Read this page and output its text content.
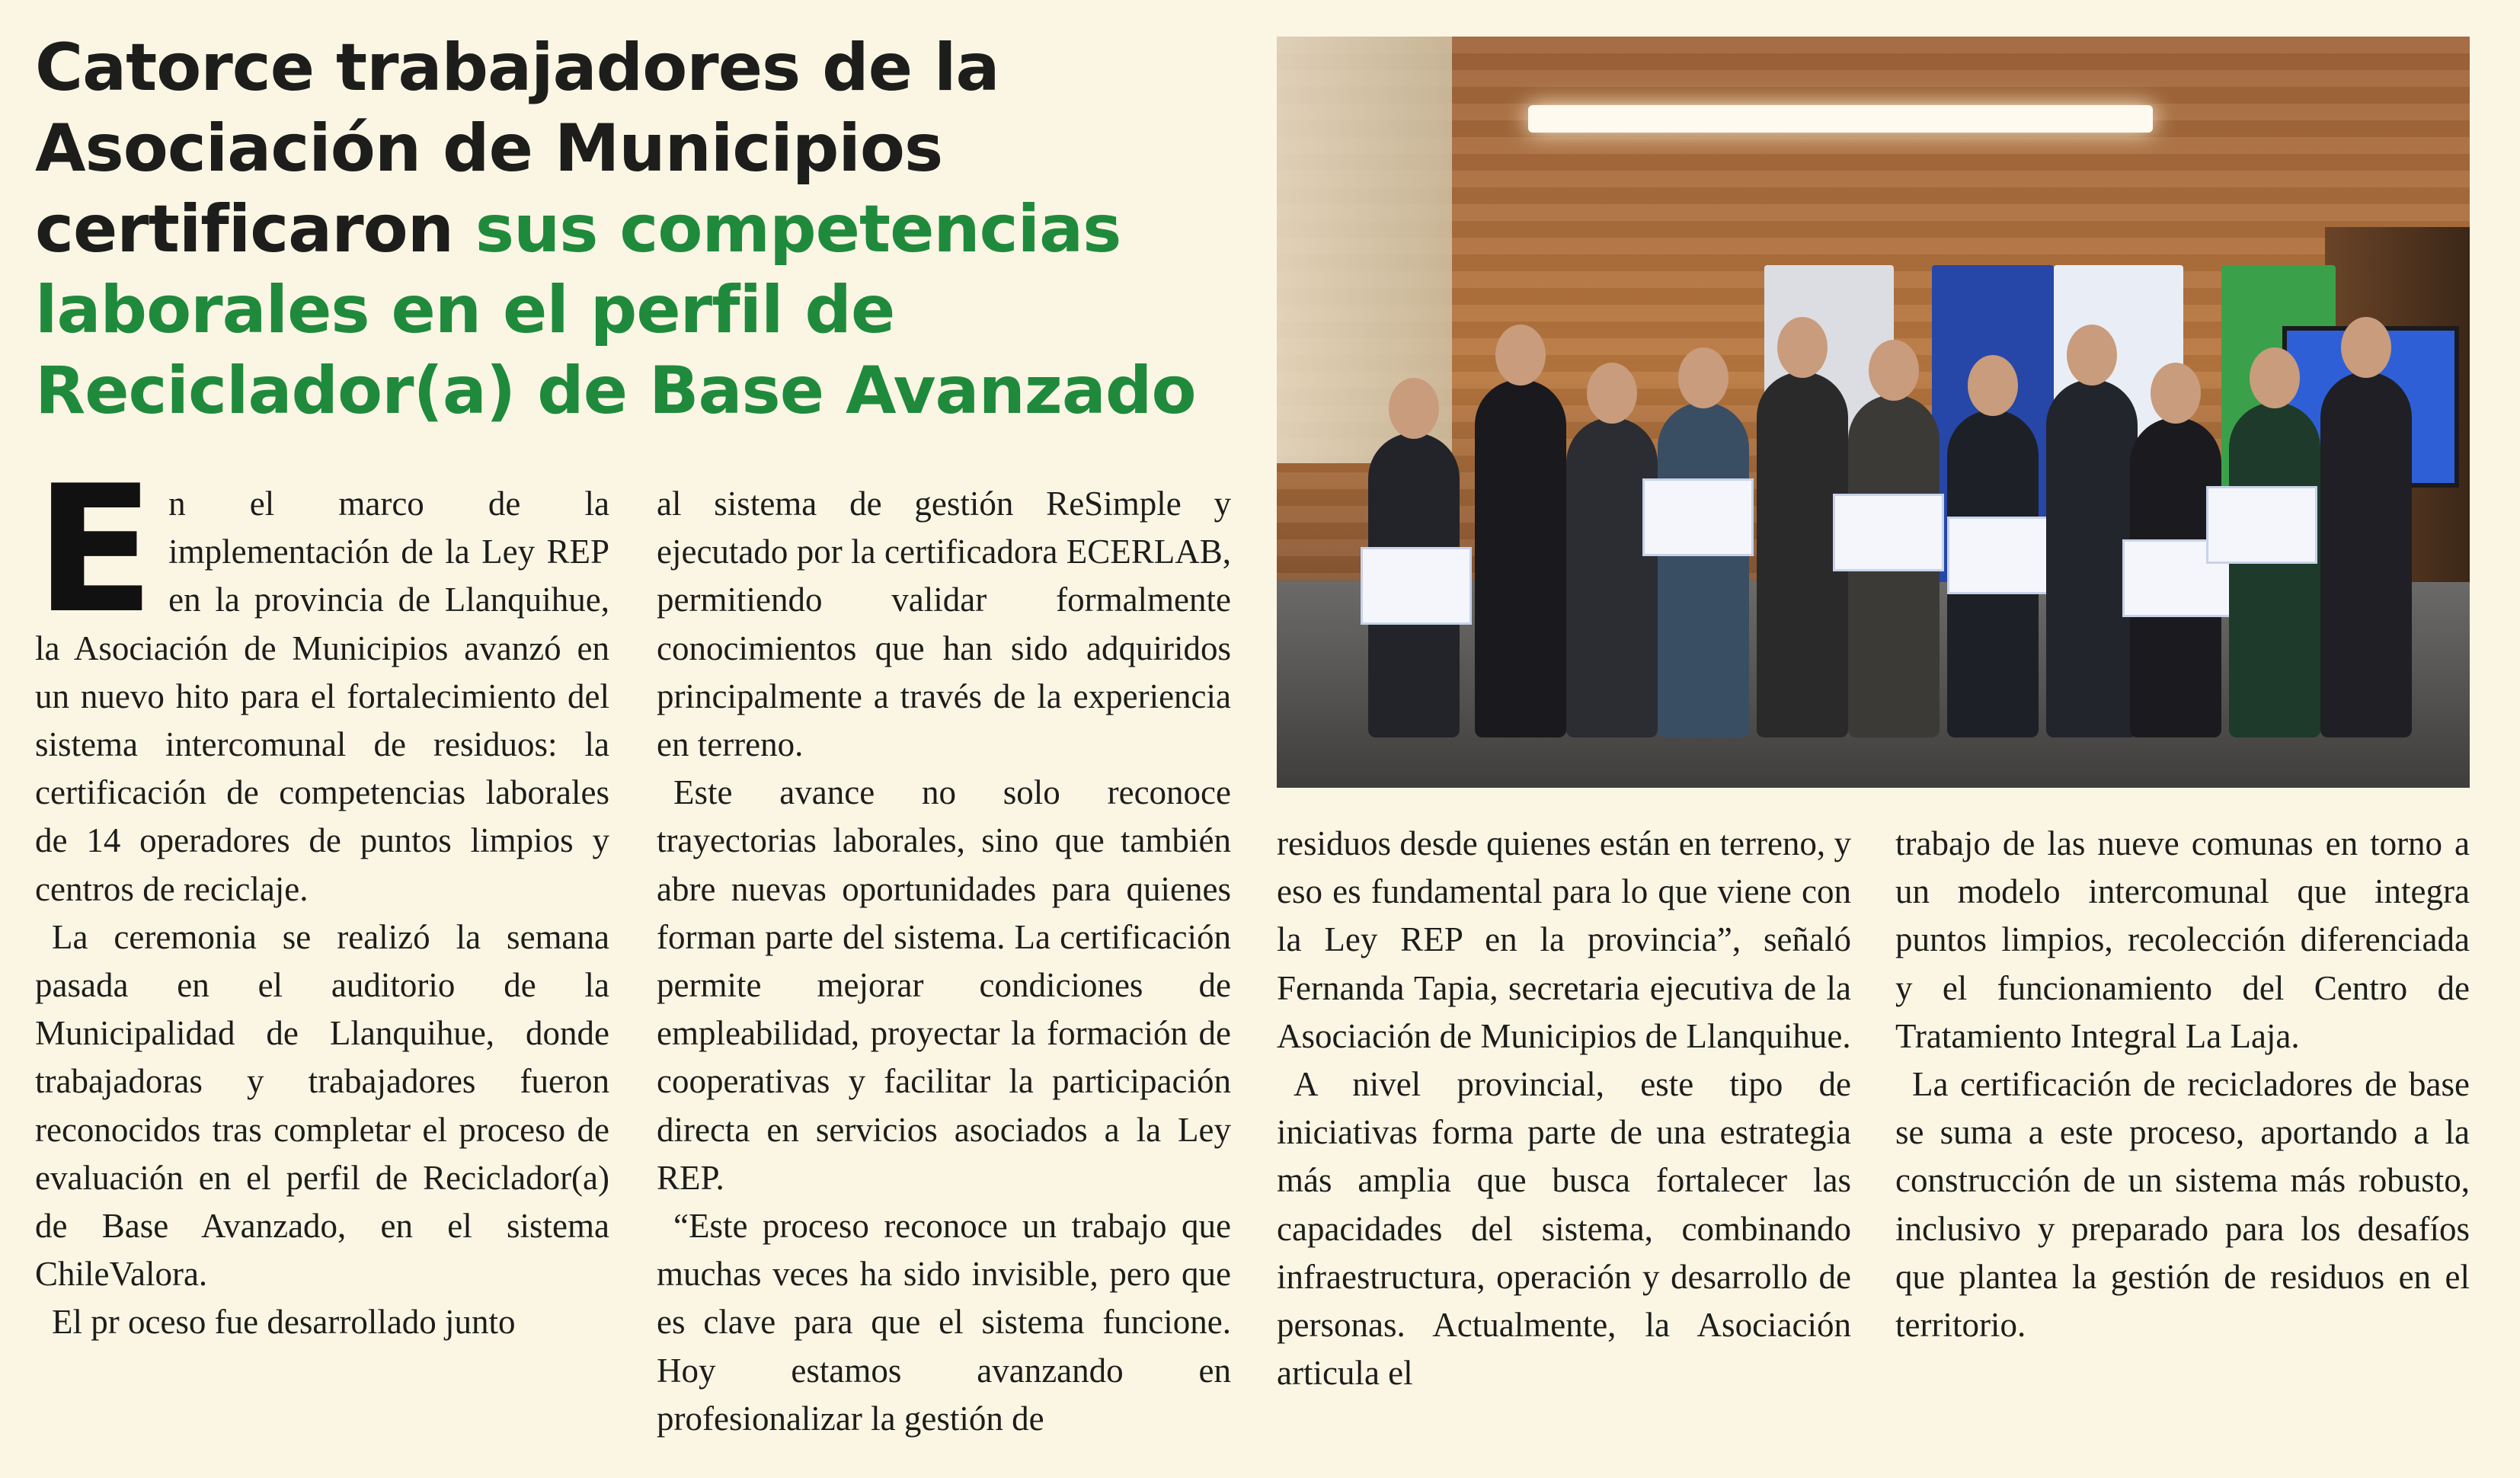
Catorce trabajadores de la Asociación de Municipios certificaron sus competencias laborales en el perfil de Reciclador(a) de Base Avanzado

En el marco de la implementación de la Ley REP en la provincia de Llanquihue, la Asociación de Municipios avanzó en un nuevo hito para el fortalecimiento del sistema intercomunal de residuos: la certificación de competencias laborales de 14 operadores de puntos limpios y centros de reciclaje.

La ceremonia se realizó la semana pasada en el auditorio de la Municipalidad de Llanquihue, donde trabajadoras y trabajadores fueron reconocidos tras completar el proceso de evaluación en el perfil de Reciclador(a) de Base Avanzado, en el sistema ChileValora.

El pr oceso fue desarrollado junto

al sistema de gestión ReSimple y ejecutado por la certificadora ECERLAB, permitiendo validar formalmente conocimientos que han sido adquiridos principalmente a través de la experiencia en terreno.

Este avance no solo reconoce trayectorias laborales, sino que también abre nuevas oportunidades para quienes forman parte del sistema. La certificación permite mejorar condiciones de empleabilidad, proyectar la formación de cooperativas y facilitar la participación directa en servicios asociados a la Ley REP.

“Este proceso reconoce un trabajo que muchas veces ha sido invisible, pero que es clave para que el sistema funcione. Hoy estamos avanzando en profesionalizar la gestión de

residuos desde quienes están en terreno, y eso es fundamental para lo que viene con la Ley REP en la provincia”, señaló Fernanda Tapia, secretaria ejecutiva de la Asociación de Municipios de Llanquihue.

A nivel provincial, este tipo de iniciativas forma parte de una estrategia más amplia que busca fortalecer las capacidades del sistema, combinando infraestructura, operación y desarrollo de personas. Actualmente, la Asociación articula el

trabajo de las nueve comunas en torno a un modelo intercomunal que integra puntos limpios, recolección diferenciada y el funcionamiento del Centro de Tratamiento Integral La Laja.

La certificación de recicladores de base se suma a este proceso, aportando a la construcción de un sistema más robusto, inclusivo y preparado para los desafíos que plantea la gestión de residuos en el territorio.
